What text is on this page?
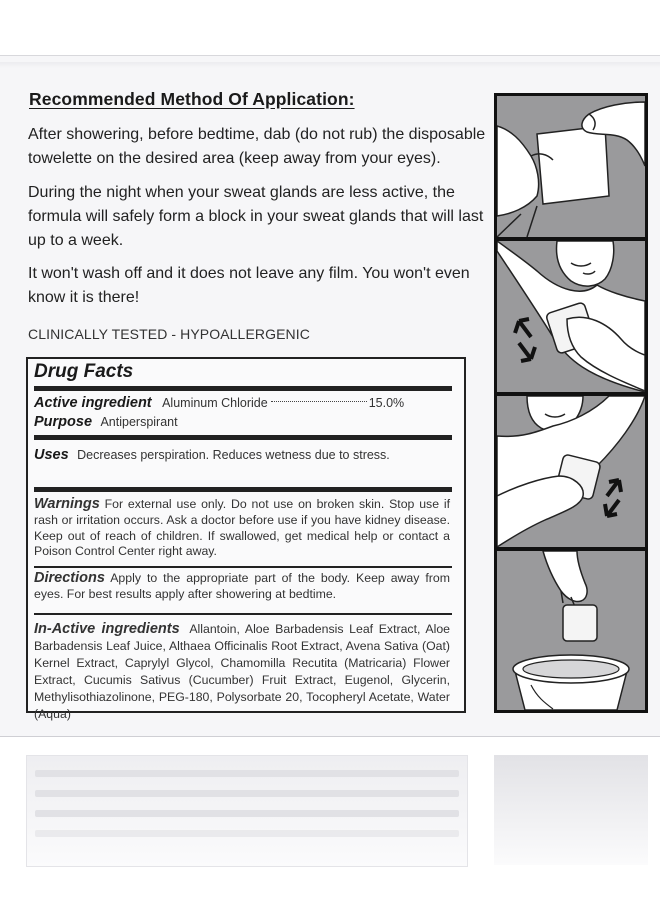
Recommended Method Of Application:

After showering, before bedtime, dab (do not rub) the disposable towelette on the desired area (keep away from your eyes).

During the night when your sweat glands are less active, the formula will safely form a block in your sweat glands that will last up to a week.

It won't wash off and it does not leave any film. You won't even know it is there!

CLINICALLY TESTED - HYPOALLERGENIC
Drug Facts
Active ingredient Aluminum Chloride	15.0%
Purpose Antiperspirant
Uses Decreases perspiration. Reduces wetness due to stress.
Warnings For external use only. Do not use on broken skin. Stop use if rash or irritation occurs. Ask a doctor before use if you have kidney disease. Keep out of reach of children. If swallowed, get medical help or contact a Poison Control Center right away.
Directions Apply to the appropriate part of the body. Keep away from eyes. For best results apply after showering at bedtime.
In-Active ingredients Allantoin, Aloe Barbadensis Leaf Extract, Aloe Barbadensis Leaf Juice, Althaea Officinalis Root Extract, Avena Sativa (Oat) Kernel Extract, Caprylyl Glycol, Chamomilla Recutita (Matricaria) Flower Extract, Cucumis Sativus (Cucumber) Fruit Extract, Eugenol, Glycerin, Methylisothiazolinone, PEG-180, Polysorbate 20, Tocopheryl Acetate, Water (Aqua)
